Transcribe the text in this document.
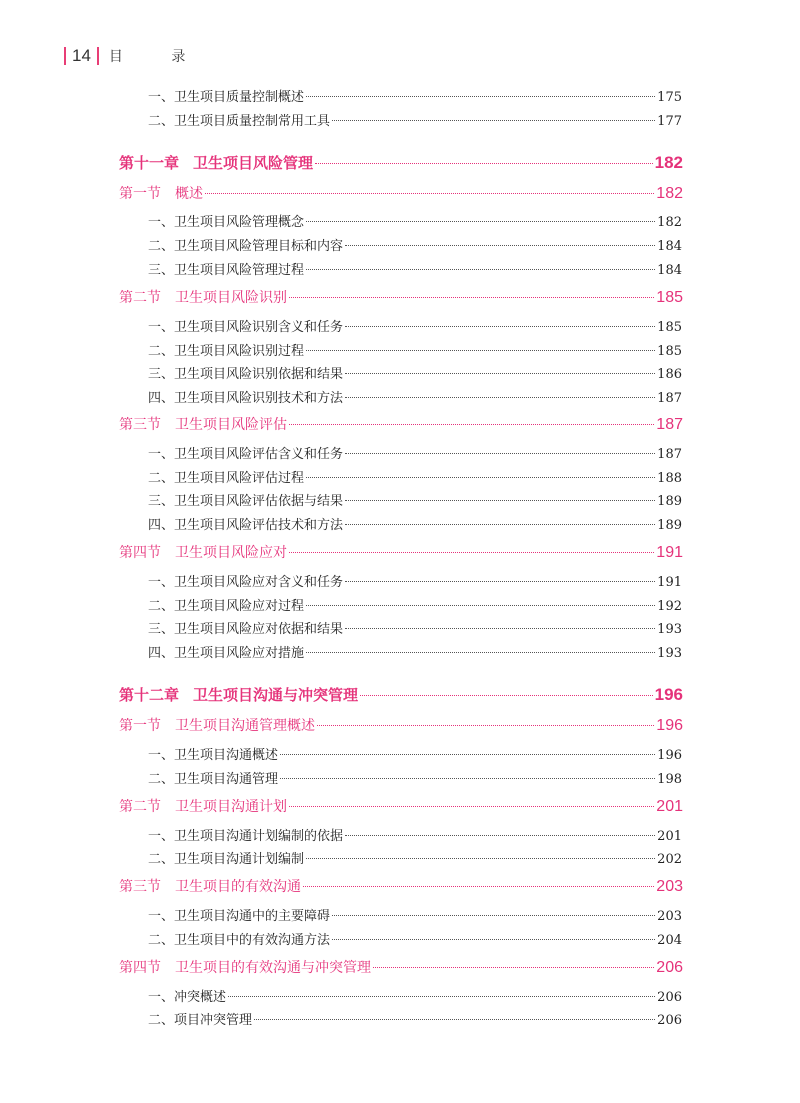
14 目 录
一、卫生项目质量控制概述	175
二、卫生项目质量控制常用工具	177
第十一章 卫生项目风险管理	182
第一节 概述	182
一、卫生项目风险管理概念	182
二、卫生项目风险管理目标和内容	184
三、卫生项目风险管理过程	184
第二节 卫生项目风险识别	185
一、卫生项目风险识别含义和任务	185
二、卫生项目风险识别过程	185
三、卫生项目风险识别依据和结果	186
四、卫生项目风险识别技术和方法	187
第三节 卫生项目风险评估	187
一、卫生项目风险评估含义和任务	187
二、卫生项目风险评估过程	188
三、卫生项目风险评估依据与结果	189
四、卫生项目风险评估技术和方法	189
第四节 卫生项目风险应对	191
一、卫生项目风险应对含义和任务	191
二、卫生项目风险应对过程	192
三、卫生项目风险应对依据和结果	193
四、卫生项目风险应对措施	193
第十二章 卫生项目沟通与冲突管理	196
第一节 卫生项目沟通管理概述	196
一、卫生项目沟通概述	196
二、卫生项目沟通管理	198
第二节 卫生项目沟通计划	201
一、卫生项目沟通计划编制的依据	201
二、卫生项目沟通计划编制	202
第三节 卫生项目的有效沟通	203
一、卫生项目沟通中的主要障碍	203
二、卫生项目中的有效沟通方法	204
第四节 卫生项目的有效沟通与冲突管理	206
一、冲突概述	206
二、项目冲突管理	206
